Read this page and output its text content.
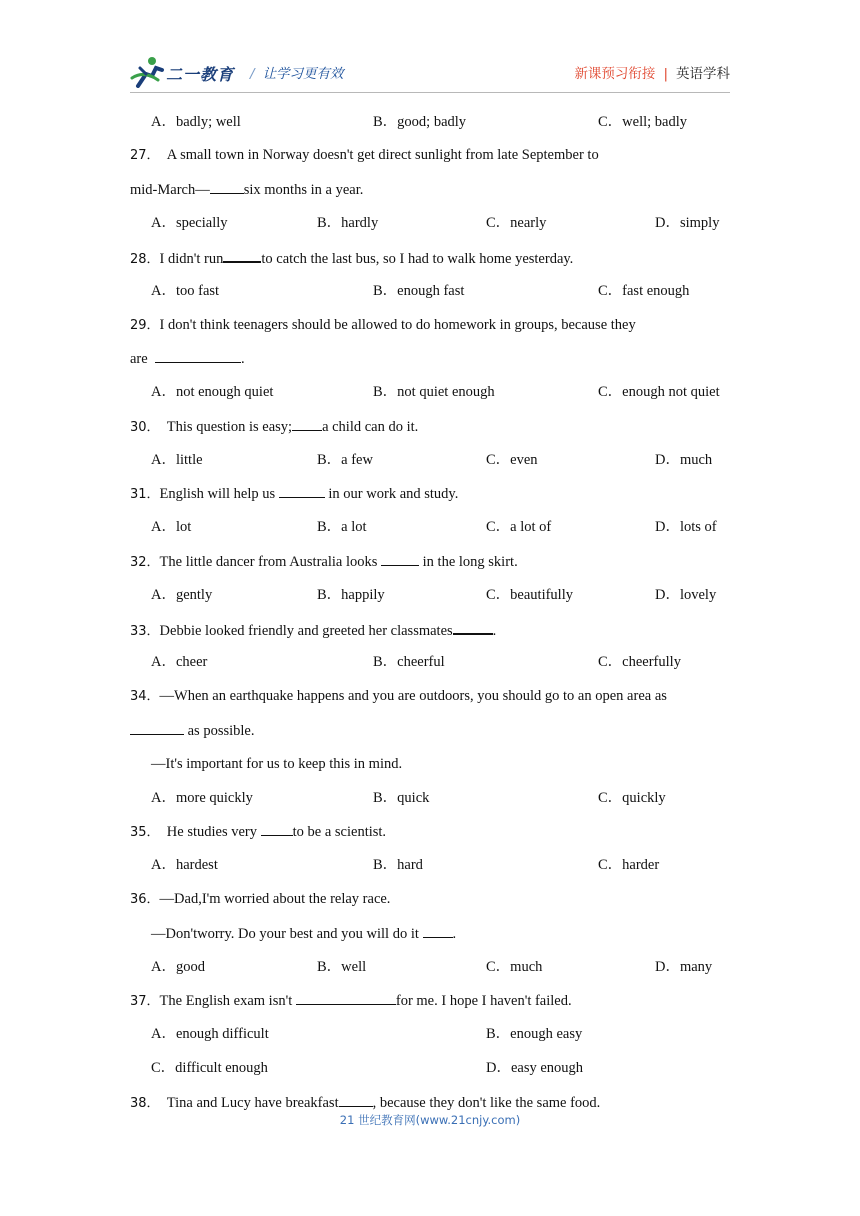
二一教育 / 让学习更有效	新课预习衔接 | 英语学科
A．badly; well	B．good; badly	C．well; badly
27． A small town in Norway doesn't get direct sunlight from late September to
mid-March— six months in a year.
A．specially	B．hardly	C．nearly	D．simply
28．I didn't run	to catch the last bus, so I had to walk home yesterday.
A．too fast	B．enough fast	C．fast enough
29．I don't think teenagers should be allowed to do homework in groups, because they
are	.
A．not enough quiet	B．not quiet enough	C．enough not quiet
30． This question is easy; a child can do it.
A．little	B．a few	C．even	D．much
31．English will help us	in our work and study.
A．lot	B．a lot	C．a lot of	D．lots of
32．The little dancer from Australia looks	in the long skirt.
A．gently	B．happily	C．beautifully	D．lovely
33．Debbie looked friendly and greeted her classmates	.
A．cheer	B．cheerful	C．cheerfully
34．—When an earthquake happens and you are outdoors, you should go to an open area as
as possible.
—It's important for us to keep this in mind.
A．more quickly	B．quick	C．quickly
35． He studies very to be a scientist.
A．hardest	B．hard	C．harder
36．—Dad,I'm worried about the relay race.
—Don'tworry. Do your best and you will do it .
A．good	B．well	C．much	D．many
37．The English exam isn't	for me. I hope I haven't failed.
A．enough difficult	B．enough easy
C．difficult enough	D．easy enough
38． Tina and Lucy have breakfast , because they don't like the same food.
21 世纪教育网(www.21cnjy.com)
